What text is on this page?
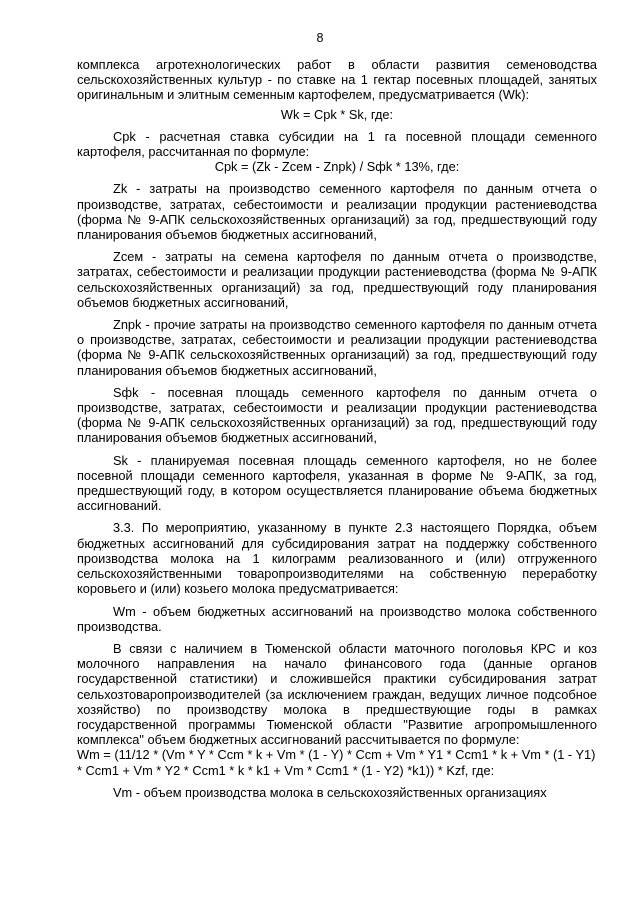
8

комплекса агротехнологических работ в области развития семеноводства сельскохозяйственных культур - по ставке на 1 гектар посевных площадей, занятых оригинальным и элитным семенным картофелем, предусматривается (Wk):

Wk = Cpk * Sk, где:

Cpk - расчетная ставка субсидии на 1 га посевной площади семенного картофеля, рассчитанная по формуле:

Cpk = (Zk - Zсем - Znpk) / Sфk * 13%, где:

Zk - затраты на производство семенного картофеля по данным отчета о производстве, затратах, себестоимости и реализации продукции растениеводства (форма № 9-АПК сельскохозяйственных организаций) за год, предшествующий году планирования объемов бюджетных ассигнований,

Zсем - затраты на семена картофеля по данным отчета о производстве, затратах, себестоимости и реализации продукции растениеводства (форма № 9-АПК сельскохозяйственных организаций) за год, предшествующий году планирования объемов бюджетных ассигнований,

Znpk - прочие затраты на производство семенного картофеля по данным отчета о производстве, затратах, себестоимости и реализации продукции растениеводства (форма № 9-АПК сельскохозяйственных организаций) за год, предшествующий году планирования объемов бюджетных ассигнований,

Sфk - посевная площадь семенного картофеля по данным отчета о производстве, затратах, себестоимости и реализации продукции растениеводства (форма № 9-АПК сельскохозяйственных организаций) за год, предшествующий году планирования объемов бюджетных ассигнований,

Sk - планируемая посевная площадь семенного картофеля, но не более посевной площади семенного картофеля, указанная в форме № 9-АПК, за год, предшествующий году, в котором осуществляется планирование объема бюджетных ассигнований.

3.3. По мероприятию, указанному в пункте 2.3 настоящего Порядка, объем бюджетных ассигнований для субсидирования затрат на поддержку собственного производства молока на 1 килограмм реализованного и (или) отгруженного сельскохозяйственными товаропроизводителями на собственную переработку коровьего и (или) козьего молока предусматривается:

Wm - объем бюджетных ассигнований на производство молока собственного производства.

В связи с наличием в Тюменской области маточного поголовья КРС и коз молочного направления на начало финансового года (данные органов государственной статистики) и сложившейся практики субсидирования затрат сельхозтоваропроизводителей (за исключением граждан, ведущих личное подсобное хозяйство) по производству молока в предшествующие годы в рамках государственной программы Тюменской области "Развитие агропромышленного комплекса" объем бюджетных ассигнований рассчитывается по формуле:

Wm = (11/12 * (Vm * Y * Ccm * k + Vm * (1 - Y) * Ccm + Vm * Y1 * Ccm1 * k + Vm * (1 - Y1) * Ccm1 + Vm * Y2 * Ccm1 * k * k1 + Vm * Ccm1 * (1 - Y2) *k1)) * Kzf, где:

Vm - объем производства молока в сельскохозяйственных организациях
